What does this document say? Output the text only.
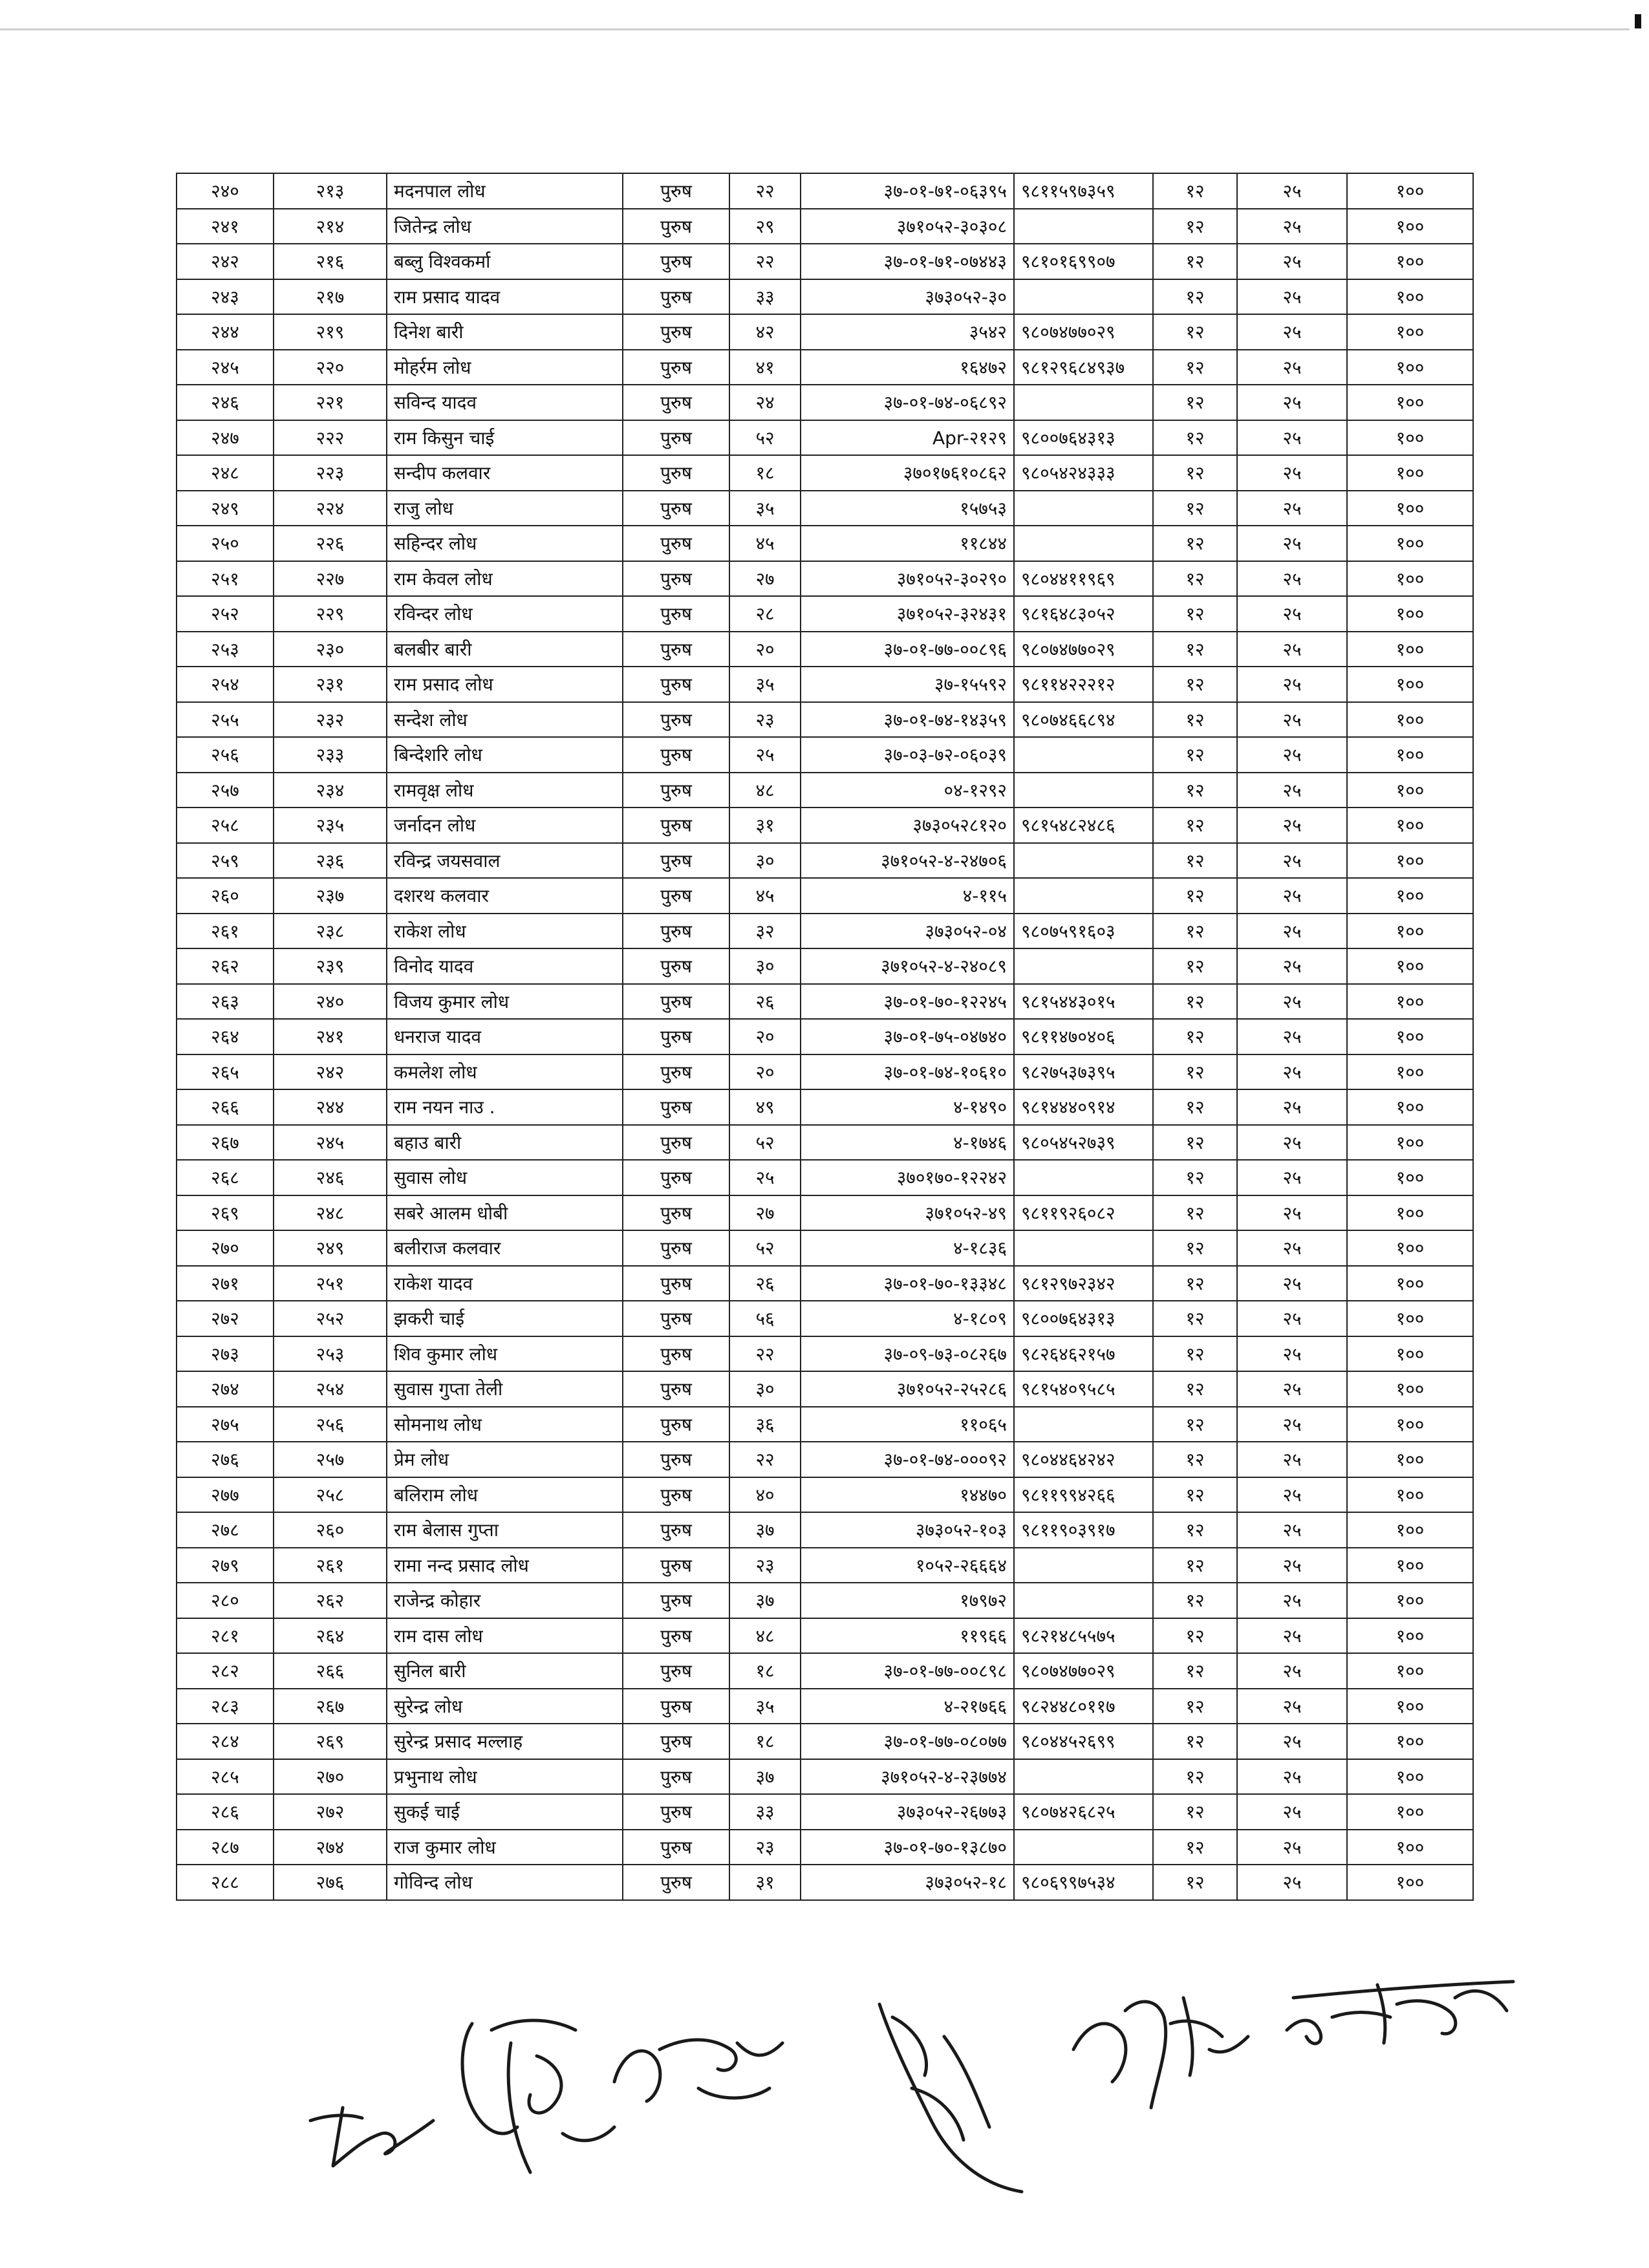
२४०	२१३	मदनपाल लोध	पुरुष	२२	३७-०१-७१-०६३९५	९८११५९७३५९	१२	२५	१००
२४१	२१४	जितेन्द्र लोध	पुरुष	२९	३७१०५२-३०३०८		१२	२५	१००
२४२	२१६	बब्लु विश्वकर्मा	पुरुष	२२	३७-०१-७१-०७४४३	९८१०१६९९०७	१२	२५	१००
२४३	२१७	राम प्रसाद यादव	पुरुष	३३	३७३०५२-३०		१२	२५	१००
२४४	२१९	दिनेश बारी	पुरुष	४२	३५४२	९८०७४७७०२९	१२	२५	१००
२४५	२२०	मोहर्रम लोध	पुरुष	४१	१६४७२	९८१२९६८४९३७	१२	२५	१००
२४६	२२१	सविन्द यादव	पुरुष	२४	३७-०१-७४-०६८९२		१२	२५	१००
२४७	२२२	राम किसुन चाई	पुरुष	५२	Apr-२१२९	९८००७६४३१३	१२	२५	१००
२४८	२२३	सन्दीप कलवार	पुरुष	१८	३७०१७६१०८६२	९८०५४२४३३३	१२	२५	१००
२४९	२२४	राजु लोध	पुरुष	३५	१५७५३		१२	२५	१००
२५०	२२६	सहिन्दर लोध	पुरुष	४५	११८४४		१२	२५	१००
२५१	२२७	राम केवल लोध	पुरुष	२७	३७१०५२-३०२९०	९८०४४११९६९	१२	२५	१००
२५२	२२९	रविन्दर लोध	पुरुष	२८	३७१०५२-३२४३१	९८१६४८३०५२	१२	२५	१००
२५३	२३०	बलबीर बारी	पुरुष	२०	३७-०१-७७-००८९६	९८०७४७७०२९	१२	२५	१००
२५४	२३१	राम प्रसाद लोध	पुरुष	३५	३७-१५५९२	९८११४२२२१२	१२	२५	१००
२५५	२३२	सन्देश लोध	पुरुष	२३	३७-०१-७४-१४३५९	९८०७४६६८९४	१२	२५	१००
२५६	२३३	बिन्देशरि लोध	पुरुष	२५	३७-०३-७२-०६०३९		१२	२५	१००
२५७	२३४	रामवृक्ष लोध	पुरुष	४८	०४-१२९२		१२	२५	१००
२५८	२३५	जर्नादन लोध	पुरुष	३१	३७३०५२८१२०	९८१५४८२४८६	१२	२५	१००
२५९	२३६	रविन्द्र जयसवाल	पुरुष	३०	३७१०५२-४-२४७०६		१२	२५	१००
२६०	२३७	दशरथ कलवार	पुरुष	४५	४-११५		१२	२५	१००
२६१	२३८	राकेश लोध	पुरुष	३२	३७३०५२-०४	९८०७५९१६०३	१२	२५	१००
२६२	२३९	विनोद यादव	पुरुष	३०	३७१०५२-४-२४०८९		१२	२५	१००
२६३	२४०	विजय कुमार लोध	पुरुष	२६	३७-०१-७०-१२२४५	९८१५४४३०१५	१२	२५	१००
२६४	२४१	धनराज यादव	पुरुष	२०	३७-०१-७५-०४७४०	९८११४७०४०६	१२	२५	१००
२६५	२४२	कमलेश लोध	पुरुष	२०	३७-०१-७४-१०६१०	९८२७५३७३९५	१२	२५	१००
२६६	२४४	राम नयन नाउ .	पुरुष	४९	४-१४९०	९८१४४४०९१४	१२	२५	१००
२६७	२४५	बहाउ बारी	पुरुष	५२	४-१७४६	९८०५४५२७३९	१२	२५	१००
२६८	२४६	सुवास लोध	पुरुष	२५	३७०१७०-१२२४२		१२	२५	१००
२६९	२४८	सबरे आलम धोबी	पुरुष	२७	३७१०५२-४९	९८११९२६०८२	१२	२५	१००
२७०	२४९	बलीराज कलवार	पुरुष	५२	४-१८३६		१२	२५	१००
२७१	२५१	राकेश यादव	पुरुष	२६	३७-०१-७०-१३३४८	९८१२९७२३४२	१२	२५	१००
२७२	२५२	झकरी चाई	पुरुष	५६	४-१८०९	९८००७६४३१३	१२	२५	१००
२७३	२५३	शिव कुमार लोध	पुरुष	२२	३७-०९-७३-०८२६७	९८२६४६२१५७	१२	२५	१००
२७४	२५४	सुवास गुप्ता तेली	पुरुष	३०	३७१०५२-२५२८६	९८१५४०९५८५	१२	२५	१००
२७५	२५६	सोमनाथ लोध	पुरुष	३६	११०६५		१२	२५	१००
२७६	२५७	प्रेम लोध	पुरुष	२२	३७-०१-७४-०००९२	९८०४४६४२४२	१२	२५	१००
२७७	२५८	बलिराम लोध	पुरुष	४०	१४४७०	९८११९९४२६६	१२	२५	१००
२७८	२६०	राम बेलास गुप्ता	पुरुष	३७	३७३०५२-१०३	९८११९०३९१७	१२	२५	१००
२७९	२६१	रामा नन्द प्रसाद लोध	पुरुष	२३	१०५२-२६६६४		१२	२५	१००
२८०	२६२	राजेन्द्र कोहार	पुरुष	३७	१७९७२		१२	२५	१००
२८१	२६४	राम दास लोध	पुरुष	४८	११९६६	९८२१४८५५७५	१२	२५	१००
२८२	२६६	सुनिल बारी	पुरुष	१८	३७-०१-७७-००८९८	९८०७४७७०२९	१२	२५	१००
२८३	२६७	सुरेन्द्र लोध	पुरुष	३५	४-२१७६६	९८२४४८०११७	१२	२५	१००
२८४	२६९	सुरेन्द्र प्रसाद मल्लाह	पुरुष	१८	३७-०१-७७-०८०७७	९८०४४५२६९९	१२	२५	१००
२८५	२७०	प्रभुनाथ लोध	पुरुष	३७	३७१०५२-४-२३७७४		१२	२५	१००
२८६	२७२	सुकई चाई	पुरुष	३३	३७३०५२-२६७७३	९८०७४२६८२५	१२	२५	१००
२८७	२७४	राज कुमार लोध	पुरुष	२३	३७-०१-७०-१३८७०		१२	२५	१००
२८८	२७६	गोविन्द लोध	पुरुष	३१	३७३०५२-१८	९८०६९९७५३४	१२	२५	१००
